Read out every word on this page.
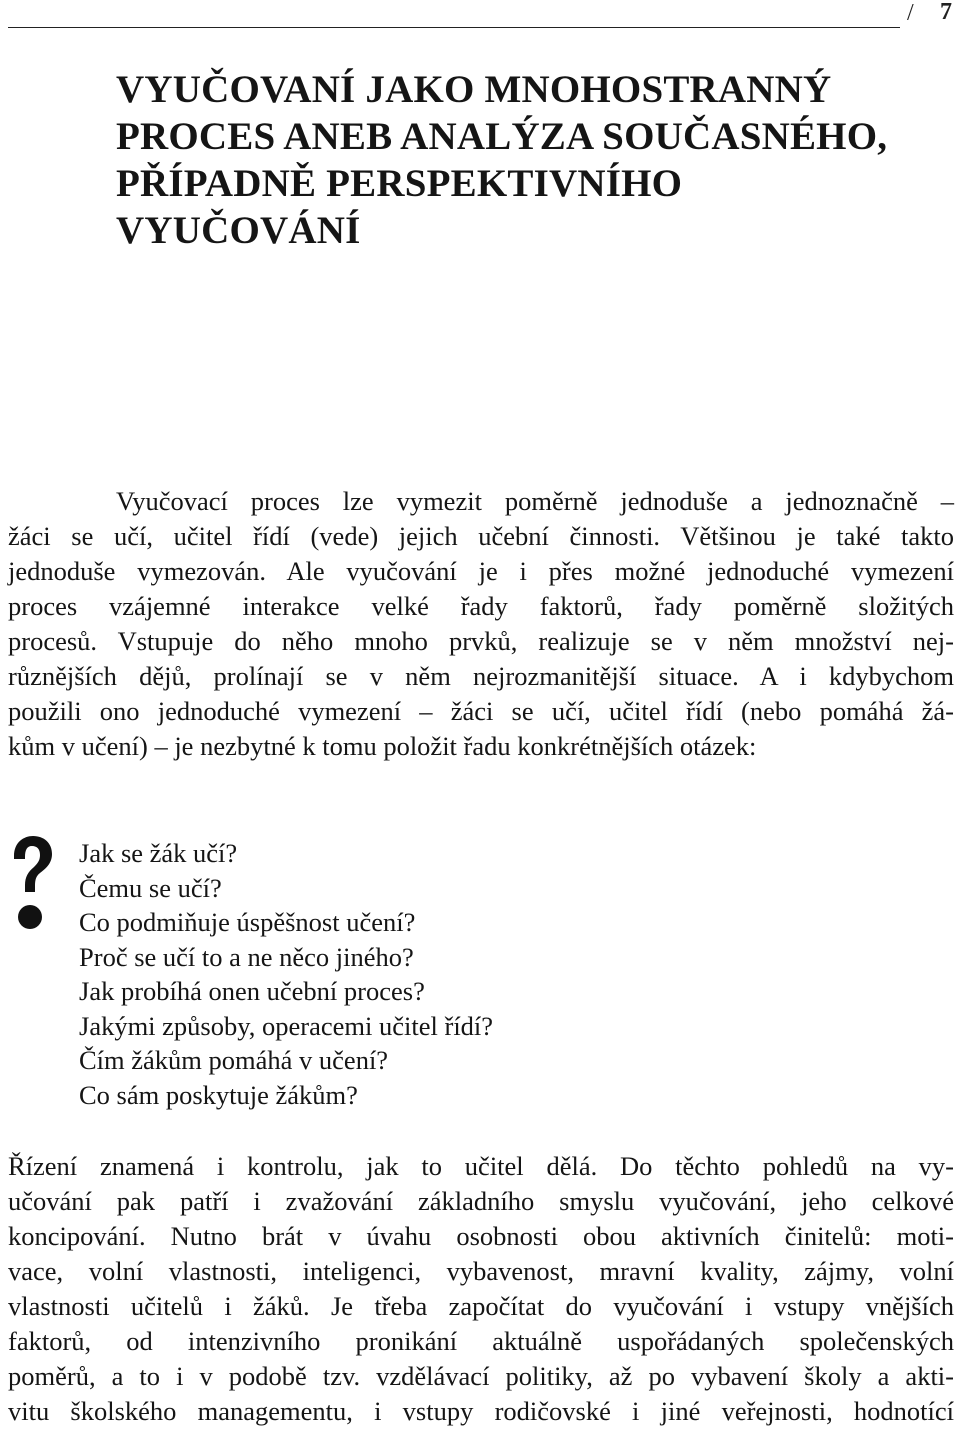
/ 7
VYUČOVANÍ JAKO MNOHOSTRANNÝ
PROCES ANEB ANALÝZA SOUČASNÉHO,
PŘÍPADNĚ PERSPEKTIVNÍHO
VYUČOVÁNÍ
Vyučovací proces lze vymezit poměrně jednoduše a jednoznačně –
žáci se učí, učitel řídí (vede) jejich učební činnosti. Většinou je také takto
jednoduše vymezován. Ale vyučování je i přes možné jednoduché vymezení
proces vzájemné interakce velké řady faktorů, řady poměrně složitých
procesů. Vstupuje do něho mnoho prvků, realizuje se v něm množství nej-
různějších dějů, prolínají se v něm nejrozmanitější situace. A i kdybychom
použili ono jednoduché vymezení – žáci se učí, učitel řídí (nebo pomáhá žá-
kům v učení) – je nezbytné k tomu položit řadu konkrétnějších otázek:
Jak se žák učí?
Čemu se učí?
Co podmiňuje úspěšnost učení?
Proč se učí to a ne něco jiného?
Jak probíhá onen učební proces?
Jakými způsoby, operacemi učitel řídí?
Čím žákům pomáhá v učení?
Co sám poskytuje žákům?
Řízení znamená i kontrolu, jak to učitel dělá. Do těchto pohledů na vy-
učování pak patří i zvažování základního smyslu vyučování, jeho celkové
koncipování. Nutno brát v úvahu osobnosti obou aktivních činitelů: moti-
vace, volní vlastnosti, inteligenci, vybavenost, mravní kvality, zájmy, volní
vlastnosti učitelů i žáků. Je třeba započítat do vyučování i vstupy vnějších
faktorů, od intenzivního pronikání aktuálně uspořádaných společenských
poměrů, a to i v podobě tzv. vzdělávací politiky, až po vybavení školy a akti-
vitu školského managementu, i vstupy rodičovské i jiné veřejnosti, hodnotící
